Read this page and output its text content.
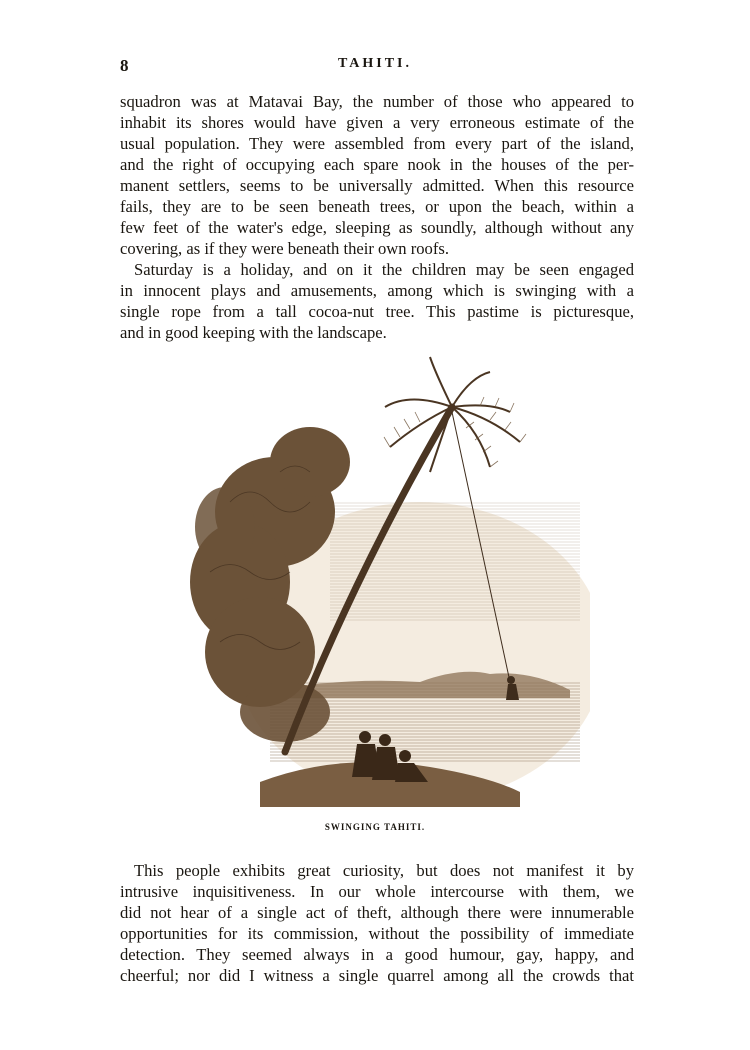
8	TAHITI.
squadron was at Matavai Bay, the number of those who appeared to
inhabit its shores would have given a very erroneous estimate of the
usual population. They were assembled from every part of the island,
and the right of occupying each spare nook in the houses of the per-
manent settlers, seems to be universally admitted. When this resource
fails, they are to be seen beneath trees, or upon the beach, within a
few feet of the water's edge, sleeping as soundly, although without any
covering, as if they were beneath their own roofs.
Saturday is a holiday, and on it the children may be seen engaged
in innocent plays and amusements, among which is swinging with a
single rope from a tall cocoa-nut tree. This pastime is picturesque,
and in good keeping with the landscape.
SWINGING TAHITI.
This people exhibits great curiosity, but does not manifest it by
intrusive inquisitiveness. In our whole intercourse with them, we
did not hear of a single act of theft, although there were innumerable
opportunities for its commission, without the possibility of immediate
detection. They seemed always in a good humour, gay, happy, and
cheerful; nor did I witness a single quarrel among all the crowds that
